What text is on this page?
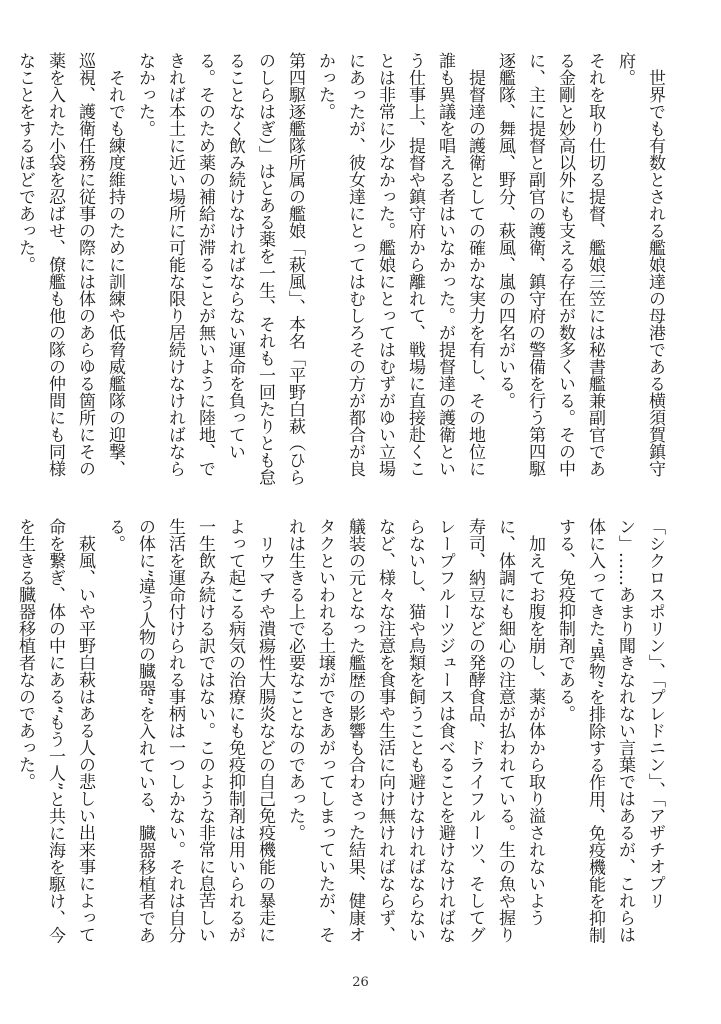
世界でも有数とされる艦娘達の母港である横須賀鎮守府。

それを取り仕切る提督、艦娘三笠には秘書艦兼副官である金剛と妙高以外にも支える存在が数多くいる。その中に、主に提督と副官の護衛、鎮守府の警備を行う第四駆逐艦隊、舞風、野分、萩風、嵐の四名がいる。

提督達の護衛としての確かな実力を有し、その地位に誰も異議を唱える者はいなかった。が提督達の護衛という仕事上、提督や鎮守府から離れて、戦場に直接赴くことは非常に少なかった。艦娘にとってはむずがゆい立場にあったが、彼女達にとってはむしろその方が都合が良かった。

第四駆逐艦隊所属の艦娘「萩風」、本名「平野白萩（ひらのしらはぎ）」はとある薬を一生、それも一回たりとも怠ることなく飲み続けなければならない運命を負っている。そのため薬の補給が滞ることが無いように陸地、できれば本土に近い場所に可能な限り居続けなければならなかった。

それでも練度維持のために訓練や低脅威艦隊の迎撃、巡視、護衛任務に従事の際には体のあらゆる箇所にその薬を入れた小袋を忍ばせ、僚艦も他の隊の仲間にも同様なことをするほどであった。

「シクロスポリン」、「プレドニン」、「アザチオプリン」……あまり聞きなれない言葉ではあるが、これらは体に入ってきた“異物”を排除する作用、免疫機能を抑制する、免疫抑制剤である。

加えてお腹を崩し、薬が体から取り溢されないように、体調にも細心の注意が払われている。生の魚や握り寿司、納豆などの発酵食品、ドライフルーツ、そしてグレープフルーツジュースは食べることを避けなければならないし、猫や鳥類を飼うことも避けなければならないなど、様々な注意を食事や生活に向け無ければならず、艤装の元となった艦歴の影響も合わさった結果、健康オタクといわれる土壌ができあがってしまっていたが、それは生きる上で必要なことなのであった。

リウマチや潰瘍性大腸炎などの自己免疫機能の暴走によって起こる病気の治療にも免疫抑制剤は用いられるが一生飲み続ける訳ではない。このような非常に息苦しい生活を運命付けられる事柄は一つしかない。それは自分の体に”違う人物の臓器”を入れている、臓器移植者である。

萩風、いや平野白萩はある人の悲しい出来事によって命を繋ぎ、体の中にある“もう一人”と共に海を駆け、今を生きる臓器移植者なのであった。

26
